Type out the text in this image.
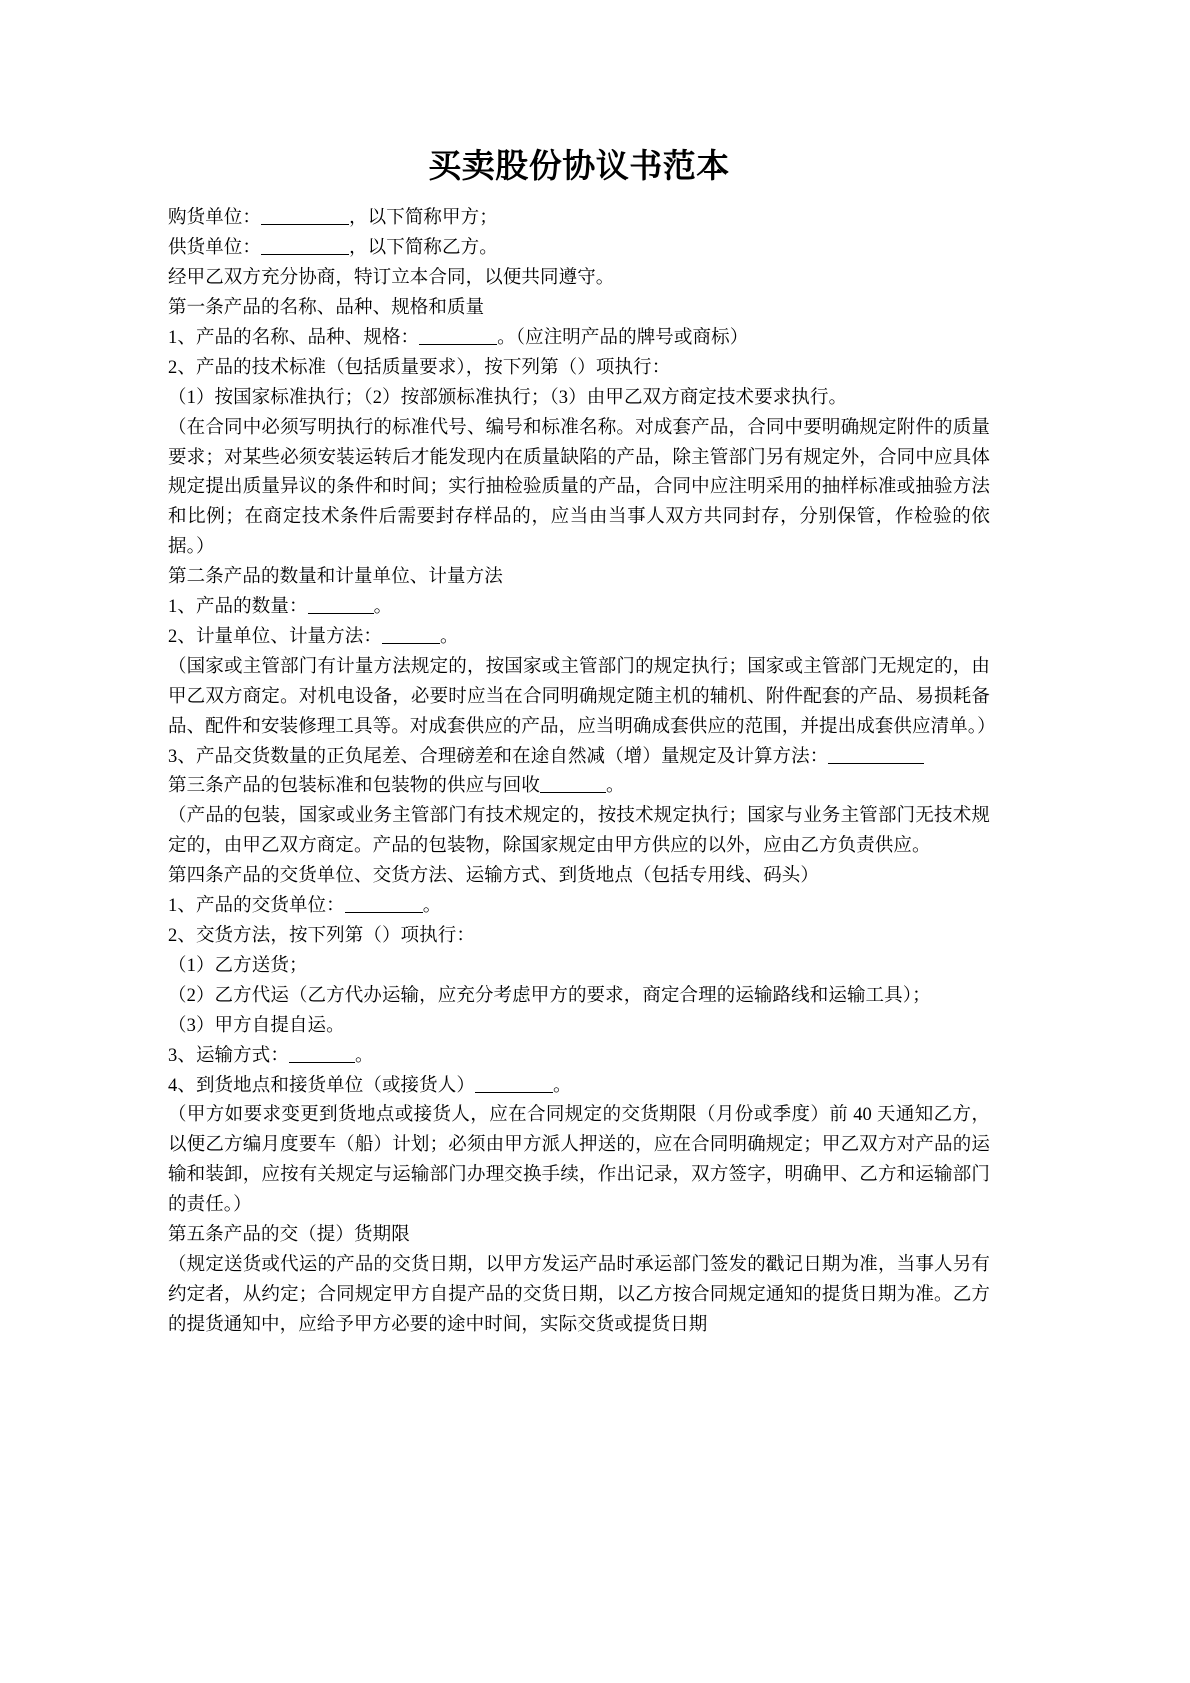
买卖股份协议书范本

购货单位：	，以下简称甲方；

供货单位：	，以下简称乙方。

经甲乙双方充分协商，特订立本合同，以便共同遵守。

第一条产品的名称、品种、规格和质量

1、产品的名称、品种、规格：	。（应注明产品的牌号或商标）

2、产品的技术标准（包括质量要求），按下列第（）项执行：

（1）按国家标准执行；（2）按部颁标准执行；（3）由甲乙双方商定技术要求执行。

（在合同中必须写明执行的标准代号、编号和标准名称。对成套产品，合同中要明确规定附件的质量要求；对某些必须安装运转后才能发现内在质量缺陷的产品，除主管部门另有规定外，合同中应具体规定提出质量异议的条件和时间；实行抽检验质量的产品，合同中应注明采用的抽样标准或抽验方法和比例；在商定技术条件后需要封存样品的，应当由当事人双方共同封存，分别保管，作检验的依据。）

第二条产品的数量和计量单位、计量方法

1、产品的数量：	。

2、计量单位、计量方法：	。

（国家或主管部门有计量方法规定的，按国家或主管部门的规定执行；国家或主管部门无规定的，由甲乙双方商定。对机电设备，必要时应当在合同明确规定随主机的辅机、附件配套的产品、易损耗备品、配件和安装修理工具等。对成套供应的产品，应当明确成套供应的范围，并提出成套供应清单。）

3、产品交货数量的正负尾差、合理磅差和在途自然减（增）量规定及计算方法：

第三条产品的包装标准和包装物的供应与回收	。

（产品的包装，国家或业务主管部门有技术规定的，按技术规定执行；国家与业务主管部门无技术规定的，由甲乙双方商定。产品的包装物，除国家规定由甲方供应的以外，应由乙方负责供应。

第四条产品的交货单位、交货方法、运输方式、到货地点（包括专用线、码头）

1、产品的交货单位：	。

2、交货方法，按下列第（）项执行：

（1）乙方送货；

（2）乙方代运（乙方代办运输，应充分考虑甲方的要求，商定合理的运输路线和运输工具）；

（3）甲方自提自运。

3、运输方式：	。

4、到货地点和接货单位（或接货人）	。

（甲方如要求变更到货地点或接货人，应在合同规定的交货期限（月份或季度）前 40 天通知乙方，以便乙方编月度要车（船）计划；必须由甲方派人押送的，应在合同明确规定；甲乙双方对产品的运输和装卸，应按有关规定与运输部门办理交换手续，作出记录，双方签字，明确甲、乙方和运输部门的责任。）

第五条产品的交（提）货期限

（规定送货或代运的产品的交货日期，以甲方发运产品时承运部门签发的戳记日期为准，当事人另有约定者，从约定；合同规定甲方自提产品的交货日期，以乙方按合同规定通知的提货日期为准。乙方的提货通知中，应给予甲方必要的途中时间，实际交货或提货日期
